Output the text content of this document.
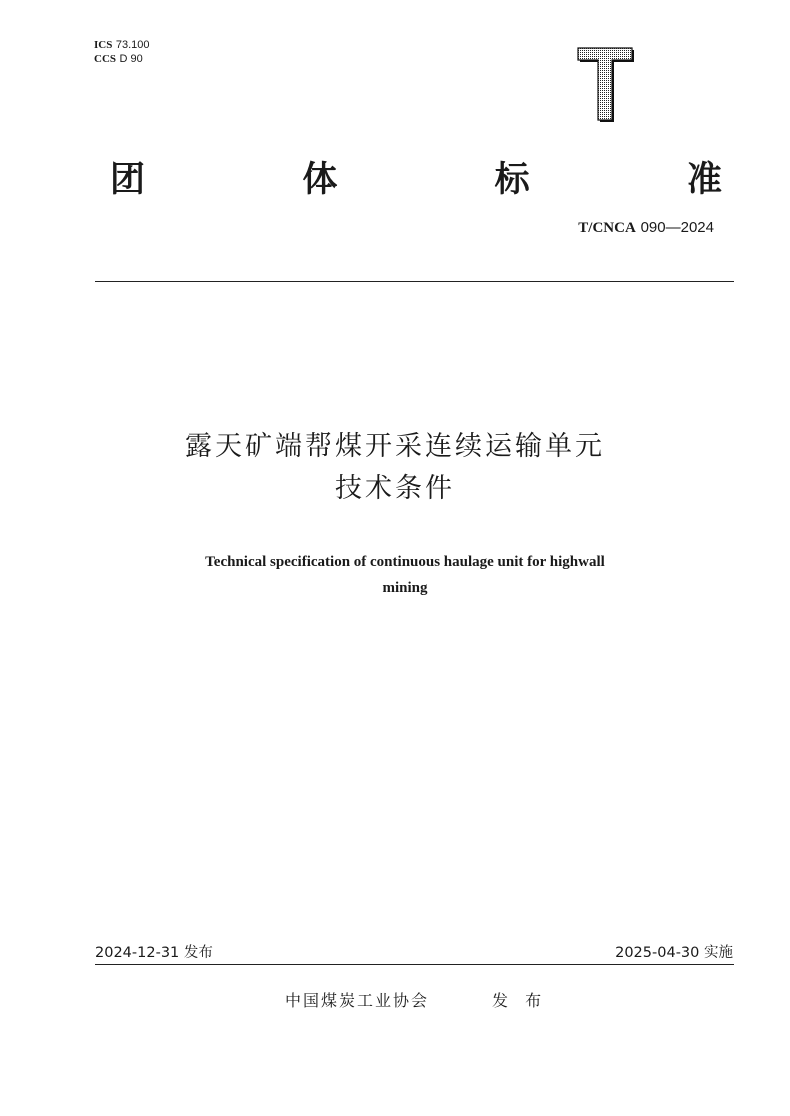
ICS 73.100
CCS D 90
团	体	标	准
T/CNCA 090—2024
露天矿端帮煤开采连续运输单元
技术条件
Technical specification of continuous haulage unit for highwall
mining
2024-12-31 发布	2025-04-30 实施
中国煤炭工业协会	发 布
